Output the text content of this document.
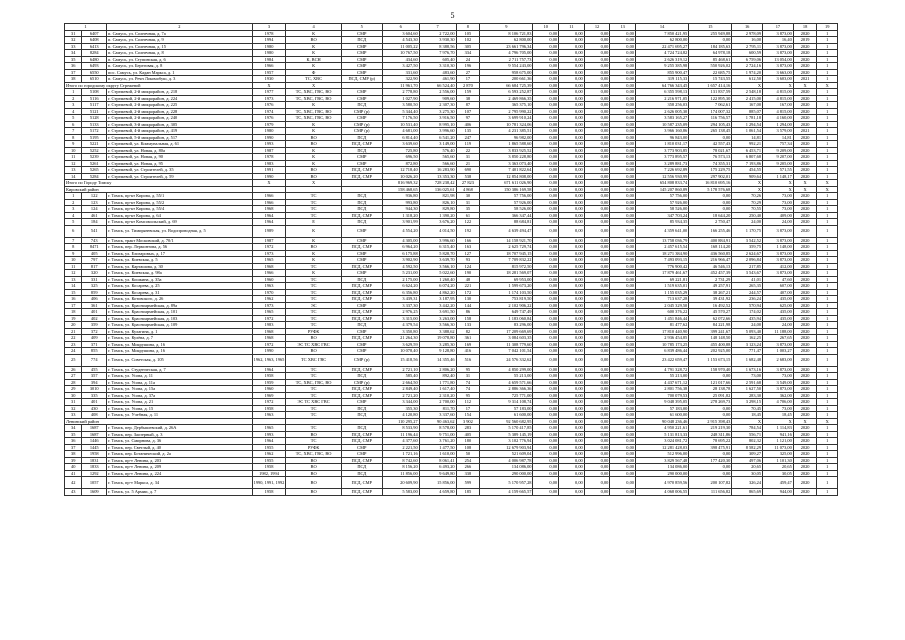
5
1		2	3	4	5	6	7	8	9	10	11	12	13	14	15	16	17	18	19
31	6407	п. Самусь, ул. Солнечная, д. 7а	1978	К	СМР	3 604,60	2 722,00	105	8 106 721,83	0,00	0,00	0,00	0,00	7 850 421,95	255 949,88	2 978,09	3 873,00	2020	1
32	6408	п. Самусь, ул. Солнечная, д. 9	1994	ВО	ПСД	4 543,30	3 930,30	102	62 800,00	0,00	0,00	0,00	0,00	62 800,00	0,00	16,00	16,40	2019	1
33	6413	п. Самусь, ул. Солнечная, д. 15	1980	К	СМР	11 005,22	8 388,56	305	23 661 796,34	0,00	0,00	0,00	0,00	22 471 695,27	184 185,63	2 795,11	3 873,00	2020	1
34	8284	п. Самусь, ул. Солнечная, д. 8	1980	К	СМР	10 767,50	7 976,70	334	4 796 705,00	0,00	0,00	0,00	0,00	4 724 724,82	64 978,18	600,59	3 873,00	2020	1
35	6480	п. Самусь, ул. Ступинская, д. 6	1984	К, ВСН	СМР	434,60	605,40	24	2 711 757,73	0,00	0,00	0,00	0,00	2 626 319,12	85 468,61	6 759,06	13 054,00	2020	1
36	6493	п. Самусь, ул. Береговая, д. 8	1966	К	СМР	3 427,50	3 310,30	196	9 554 243,00	0,00	0,00	0,00	0,00	9 255 385,98	550 926,02	2 724,16	3 873,00	2020	1
37	6550	пос. Самусь, ул. Кадан Маркса, д. 1	1957	Ф	СМР	331,60	483,60	27	958 675,00	0,00	0,00	0,00	0,00	855 900,47	22 685,75	1 974,20	3 663,00	2020	1
38	6510	п. Самусь, ул. Речн Локомобуш, д. 3	1930	ТС, ХВС	ПСД, СМР (р)	322,90	461,90	17	200 661,36	0,00	0,00	0,00	0,00	319 115,33	15 743,55	612,50	3 603,00	2021	1
Итого по городскому округу Стрежевой			Х	Х		11 961,70	66 524,40	2 870	66 684 725,39	0,00	0,00	0,00	0,00	64 766 343,45	1 657 414,16	Х	Х	Х	Х
1	5108	г. Стрежевой, 2-й микрорайон, д. 218	1977	ТС, ХВС, ГВС, ВО	СМР	2 778,80	2 556,00	159	6 593 252,87	0,00	0,00	0,00	0,00	6 355 598,13	131 837,59	2 548,18	4 815,00	2020	1
2	5116	г. Стрежевой, 2-й микрорайон, д. 224	1973	ТС, ХВС, ГВС, ВО	СМР	1 027,90	909,60	38	2 469 866,35	0,00	0,00	0,00	0,00	2 216 971,05	122 895,30	2 415,00	4 815,00	2020	1
3	5117	г. Стрежевой, 2-й микрорайон, д. 225	1976	К	ПСД	3 580,50	2 307,30	87	365 375,10	0,00	0,00	0,00	0,00	358 256,03	7 062,61	167,00	167,00	2020	1
4	5121	г. Стрежевой, 2-й микрорайон, д. 228	1974	ТС, ХВС, ГВС, ВО	СМР (р)	5 344,40	3 275,30	107	2 795 990,22	0,00	0,00	0,00	0,00	2 626 005,30	174 007,32	885,07	4 815,00	2020	1
5	5128	г. Стрежевой, 2-й микрорайон, д. 240	1976	ТС, ХВС, ГВС, ВО	СМР	7 176,50	3 916,50	97	3 699 910,24	0,00	0,00	0,00	0,00	3 583 165,27	116 756,57	1 781,18	4 160,00	2020	1
6	5133	г. Стрежевой, 3-й микрорайон, д. 305	1979	К	СМР (р)	10 531,40	8 995,10	406	10 781 324,06	0,00	0,00	0,00	0,00	10 587 235,09	294 105,43	1 294,54	1 294,00	2020	1
7	5172	г. Стрежевой, 4-й микрорайон, д. 419	1980	К	СМР (р)	4 681,00	3 996,60	135	4 231 385,51	0,00	0,00	0,00	0,00	3 966 160,86	265 138,45	1 061,54	3 579,00	2021	1
8	5195	г. Стрежевой, 5-й микрорайон, д. 517	1990	ВО	ПСД	6 814,40	6 541,20	247	96 982,00	0,00	0,00	0,00	0,00	96 843,00	0,00	14,81	14,81	2020	1
9	5221	г. Стрежевой, ул. Коммунальная, д. 61	1993	ВО	ПСД, СМР	3 639,60	3 149,00	119	1 865 588,60	0,00	0,00	0,00	0,00	1 810 031,17	42 557,43	992,21	757,34	2020	1
10	5252	г. Стрежевой, ул. Новая, д. 80а	1987	К	ПСД	725,80	576,40	22	3 833 925,52	0,00	0,00	0,00	0,00	3 773 903,85	78 021,67	6 453,71	9 209,00	2020	1
11	5239	г. Стрежевой, ул. Новая, д. 90	1978	К	СМР	696,50	565,60	31	3 850 228,80	0,00	0,00	0,00	0,00	3 773 895,57	76 573,13	6 807,68	9 207,00	2020	1
12	5261	г. Стрежевой, ул. Новая, д. 95	1983	К	СМР	872,80	566,60	21	3 363 073,40	0,00	0,00	0,00	0,00	3 289 881,73	74 355,31	7 193,86	9 205,00	2020	1
13	5265	г. Стрежевой, ул. Строителей, д. 35	1991	ВО	ПСД, СМР	12 718,40	16 283,90	690	7 401 822,64	0,00	0,00	0,00	0,00	7 226 692,89	175 229,75	454,55	571,55	2020	1
14	5284	г. Стрежевой, ул. Строителей, д. 59	1990	ВО	ПСД, СМР	10 026,20	13 353,30	538	12 854 808,00	0,00	0,00	0,00	0,00	12 556 930,99	297 902,01	909,64	1 148,17	2020	1
Итого по Городу Томску			Х	Х		816 969,32	728 238,42	27 823	671 611 026,90	0,00	0,00	0,00	0,00	654 808 833,74	16 810 695,16	Х	Х	Х	Х
Кировский район						158 468,65	136 025,61	4 868	150 386 169,58	0,00	0,00	0,00	0,00	145 207 860,89	5 178 576,68	Х	Х	Х	Х
1	122	г. Томск, пр-кт Кирова, д. 55/1	1966	ТС	ПСД	936,80	821,98	30	57 756,00	0,00	0,00	0,00	0,00	57 756,00	0,00	70,26	73,00	2020	1
2	123	г. Томск, пр-кт Кирова, д. 55/2	1966	ТС	ПСД	993,80	826,10	31	57 926,00	0,00	0,00	0,00	0,00	57 926,00	0,00	70,29	73,00	2020	1
3	124	г. Томск, пр-кт Кирова, д. 55/4	1968	ТС	ПСД	944,30	829,80	35	58 526,00	0,00	0,00	0,00	0,00	58 526,00	0,00	70,55	73,00	2020	1
4	461	г. Томск, пр-кт Кирова, д. 64	1964	ТС	ПСД, СМР	1 318,20	1 390,20	61	366 347,44	0,00	0,00	0,00	0,00	347 703,24	18 644,20	250,40	409,00	2020	1
5	184	г. Томск, пр-кт Комсомольский, д. 69	1964	Е	ПСД	3 901,99	3 676,20	122	88 684,81	0,00	0,00	0,00	0,00	85 934,35	2 750,47	24,00	24,00	2020	1
6	541	г. Томск, ул. Тимирязевская, ул. Водопроводная, д. 5	1989	К	СМР	4 554,20	4 014,50	192	4 639 494,47	0,00	0,00	0,00	0,00	4 359 641,00	166 255,46	1 170,75	3 873,00	2020	1
7	743	г. Томск, тракт Московский, д. 70/1	1987	К	СМР	4 305,00	3 996,60	166	14 158 921,70	0,00	0,00	0,00	0,00	13 758 036,79	400 884,91	3 542,52	3 873,00	2020	1
8	8471	г. Томск, пер. Лермонтова, д. 56	1972	ВО	ПСД, СМР	6 964,20	6 315,40	163	2 625 729,74	0,00	0,00	0,00	0,00	2 457 615,54	168 114,20	359,75	1 148,00	2020	1
9	405	г. Томск, ул. Елизаровых, д. 17	1973	К	СМР	6 175,88	5 828,70	127	18 707 945,15	0,00	0,00	0,00	0,00	18 271 384,90	436 560,85	2 624,67	3 873,00	2020	1
10	797	г. Томск, ул. Киевская, д. 5	1965	К	СМР	3 902,90	3 639,70	93	7 709 832,22	0,00	0,00	0,00	0,00	7 493 093,15	216 966,47	2 096,84	3 873,00	2020	1
11	817	г. Томск, ул. Карташова, д. 30	1968	ТС	ПСД, СМР	4 592,50	3 566,10	124	815 972,50	0,00	0,00	0,00	0,00	776 900,42	46 546,13	217,85	412,00	2020	1
12	320	г. Томск, ул. Киевская, д. 98а	1966	К	СМР	5 231,00	5 022,60	190	18 281 569,07	0,00	0,00	0,00	0,00	17 879 461,67	452 457,39	3 543,67	3 873,00	2020	1
13	331	г. Томск, ул. Кошкина, д. 35а	1960	ТС	ПСД	2 175,00	1 260,40	48	69 953,00	0,00	0,00	0,00	0,00	69 221,81	2 731,29	41,01	47,60	2020	1
14	325	г. Томск, ул. Косарева, д. 25	1963	ТС	ПСД, СМР	6 624,20	6 074,20	221	1 599 673,20	0,00	0,00	0,00	0,00	1 519 635,01	49 257,91	265,35	607,00	2020	1
15	859	г. Томск, ул. Косарева, д. 31	1970	ТС	ПСД, СМР	6 356,80	4 862,20	172	1 174 103,50	0,00	0,00	0,00	0,00	1 155 035,29	38 267,21	244,57	407,00	2020	1
16	406	г. Томск, ул. Котовского, д. 26	1962	ТС	ПСД, СМР	3 439,31	3 187,95	130	753 819,50	0,00	0,00	0,00	0,00	713 637,28	39 431,92	236,24	435,00	2020	1
17	361	г. Томск, ул. Красноармейская, д. 89а	1973	ЭС	СМР	3 337,30	3 442,20	144	2 102 906,22	0,00	0,00	0,00	0,00	2 045 329,50	16 492,52	570,94	625,00	2020	1
18	401	г. Томск, ул. Красноармейская, д. 101	1965	ТС	ПСД, СМР	2 976,25	3 691,50	86	649 747,49	0,00	0,00	0,00	0,00	600 376,22	45 570,27	174,02	435,00	2020	1
19	402	г. Томск, ул. Красноармейская, д. 103	1972	ТС	ПСД, СМР	3 315,00	3 263,00	158	1 183 060,84	0,00	0,00	0,00	0,00	1 451 846,44	62 072,66	435,94	435,00	2020	1
20	359	г. Томск, ул. Красноармейская, д. 109	1983	ТС	ПСД	4 379,54	3 566,30	133	83 296,00	0,00	0,00	0,00	0,00	81 477,62	84 221,98	24,00	24,00	2020	1
21	372	г. Томск, ул. Кулагина, д. 1	1968	РУФК	СМР	3 350,80	3 388,62	82	17 209 669,69	0,00	0,00	0,00	0,00	17 810 440,90	399 241,67	5 093,40	11 188,00	2020	1
22	409	г. Томск, ул. Кулёва, д. 7	1968	ВО	ПСД, СМР	21 264,30	19 078,80	361	3 084 603,35	0,00	0,00	0,00	0,00	2 936 454,85	148 148,50	162,25	267,65	2020	1
23	371	г. Томск, ул. Мокрушина, д. 16	1972	ЭС ТС ХВС ГВС	СМР	3 629,59	3 285,30	169	11 308 779,60	0,00	0,00	0,00	0,00	10 785 173,25	455 400,88	3 123,24	3 873,00	2020	1
24	855	г. Томск, ул. Мокрушина, д. 16	1990	ВО	СМР	10 078,40	9 128,80	416	7 042 101,54	0,00	0,00	0,00	0,00	6 839 486,44	202 925,00	771,47	1 003,27	2020	1
25	774	г. Томск, ул. Советская, д. 105	1962, 1963, 1965	ТС ХВС ГВС	СМР (р)	15 418,56	14 355,46	516	24 576 332,62	0,00	0,00	0,00	0,00	23 422 659,47	1 153 673,15	1 682,48	2 683,00	2020	1
26	455	г. Томск, ул. Студенческая, д. 7	1964	ТС	ПСД, СМР	2 721,10	2 806,20	95	4 850 299,00	0,00	0,00	0,00	0,00	4 791 328,72	158 970,40	1 673,16	3 873,00	2020	1
27	357	г. Томск, ул. Усова, д. 11	1958	ТС	ПСД	585,40	892,40	31	55 213,00	0,00	0,00	0,00	0,00	55 213,00	0,00	73,00	73,00	2020	1
28	394	г. Томск, ул. Усова, д. 11а	1959	ТС, ХВС, ГВС, ВО	СМР (р)	2 664,50	1 771,80	74	4 659 571,66	0,00	0,00	0,00	0,00	4 437 671,12	121 017,66	2 591,68	3 549,00	2020	1
29	3010	г. Томск, ул. Усова, д. 15а	1960	ТС	ПСД, СМР	2 849,40	1 617,40	74	2 886 366,36	0,00	0,00	0,00	0,00	2 801 756,38	28 138,78	1 627,50	3 873,00	2020	1
30	335	г. Томск, ул. Усова, д. 37а	1969	ТС	ПСД, СМР	2 721,20	2 310,20	95	725 771,00	0,00	0,00	0,00	0,00	700 079,53	25 091,82	283,30	362,00	2020	1
31	401	г. Томск, ул. Усова, д. 21	1972	ЭС ТС ХВС ГВС	СМР	3 344,00	2 700,00	112	9 314 108,74	0,00	0,00	0,00	0,00	9 048 395,05	278 269,73	3 298,15	4 706,00	2020	1
32	430	г. Томск, ул. Усова, д. 15	1958	ТС	ПСД	355,30	811,70	17	57 183,00	0,00	0,00	0,00	0,00	57 183,00	0,00	70,45	73,00	2020	1
33	408	г. Томск, ул. Учебная, д. 11	1963	ТС	ПСД	4 120,80	3 337,60	154	61 600,00	0,00	0,00	0,00	0,00	61 600,00	0,00	18,45	18,45	2020	1
Ленинский район						110 295,27	90 463,62	3 902	92 560 682,95	0,00	0,00	0,00	0,00	90 048 236,46	2 915 398,43	Х	Х	Х	Х
34	1687	г. Томск, пер. Дербышевский, д. 26А	1965	ТС	ПСД	8 533,90	8 578,00	283	5 170 417,85	0,00	0,00	0,00	0,00	4 950 221,61	219 219,30	784,54	1 114,83	2020	1
35	1687	г. Томск, пер. Заозерный, д. 3	1993	ВО	ПСД, СМР	11 196,44	9 751,00	405	5 389 145,19	0,00	0,00	0,00	0,00	5 131 813,33	248 311,86	556,71	941,16	2020	1
36	1446	г. Томск, ул. Смирнова, д. 36	1964	ТС	ПСД, СМР	4 377,60	3 761,20	180	3 102 776,94	0,00	0,00	0,00	0,00	3 024 081,72	78 695,22	802,32	1 121,00	2020	1
37	1445	г. Томск, пер. Светлый, д. 40	1955	РУФК	СМР	2 221,50	1 477,50	108	12 679 903,94	0,00	0,00	0,00	0,00	12 281 428,03	398 475,91	8 582,29	11 073,00	2020	1
38	1958	г. Томск, пер. Ботанический, д. 2а	1962	ТС, ХВС, ГВС, ВО	СМР	1 721,16	1 610,00	50	521 609,04	0,00	0,00	0,00	0,00	512 996,00	0,00	309,27	325,00	2020	1
39	1831	г. Томск, пр-т Ленина, д. 203	1955	ВО	ПСД, СМР	8 742,60	8 061,41	254	4 006 987,78	0,00	0,00	0,00	0,00	3 829 567,48	177 420,30	497,06	1 101,30	2020	1
40	1833	г. Томск, пр-т Ленина, д. 209	1958	ВО	ПСД	8 156,20	6 493,20	266	134 086,00	0,00	0,00	0,00	0,00	134 086,00	0,00	20,65	20,65	2020	1
41	1292	г. Томск, пр-т Ленина, д. 224	1982, 1994	ВО	ПСД	11 856,00	9 649,80	338	290 000,00	0,00	0,00	0,00	0,00	290 000,00	0,00	30,05	30,05	2020	1
42	1057	г. Томск, пр-т Маркса, д. 34	1990, 1991, 1992	ВО	ПСД, СМР	20 609,90	15 856,00	599	5 170 957,28	0,00	0,00	0,00	0,00	4 970 859,56	200 107,82	326,24	459,47	2020	1
43	1609	г. Томск, ул. 5 Армии, д. 7	1958	ВО	ПСД, СМР	5 583,00	4 659,80	185	4 159 665,57	0,00	0,00	0,00	0,00	4 068 006,55	111 656,82	865,69	944,00	2020	1
